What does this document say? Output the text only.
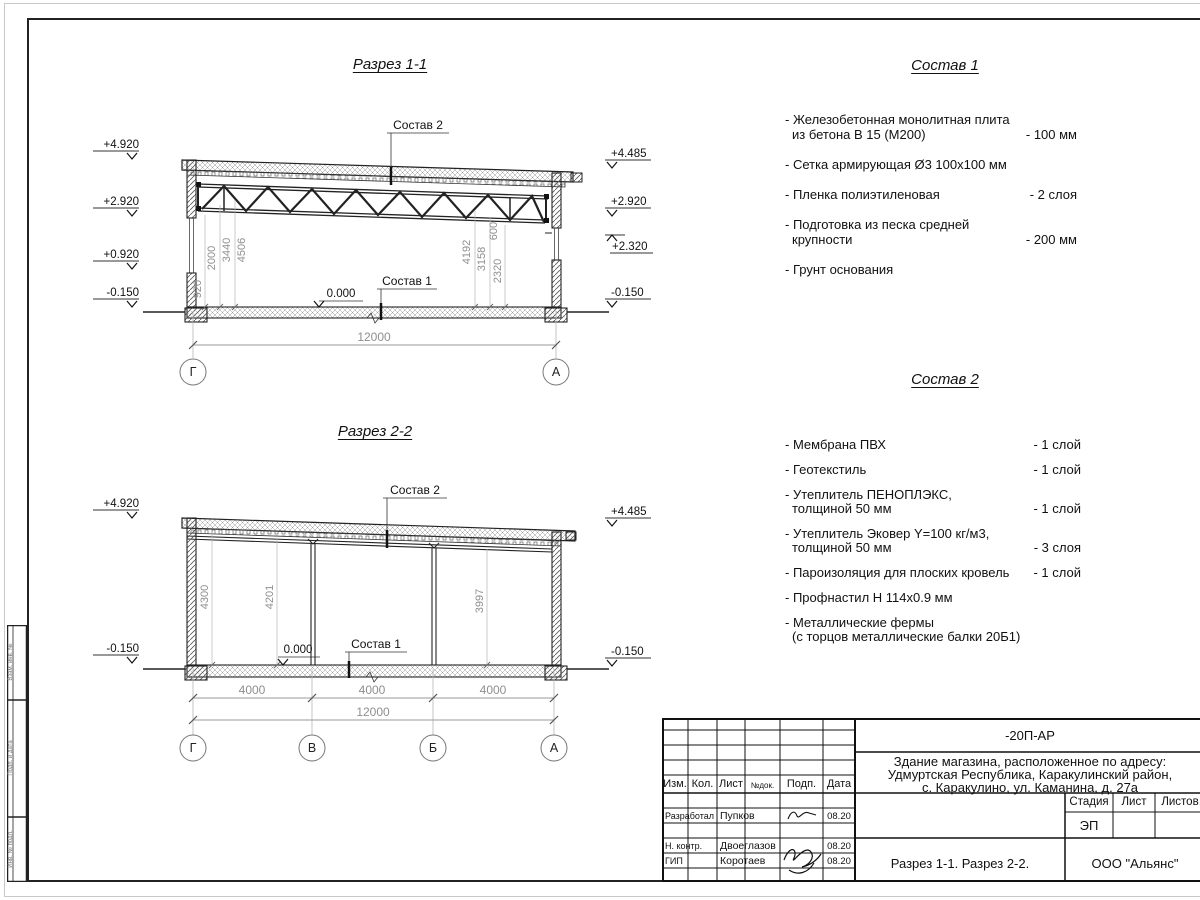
Взам. инв. №
Подп. и дата
Инв. № подл.
Разрез 1-1
Разрез 2-2
920
2000 3440 4506
600
4192 3158 2320
12000
Г	А
Состав 2
Состав 1
0.000
+4.920
+2.920
+0.920
-0.150
+4.485
+2.920
+2.320
-0.150
4300	4201	3997
4000	4000	4000
12000
Г	В	Б	А
Состав 2
Состав 1
0.000
+4.920
-0.150
+4.485
-0.150
Состав 1
- Железобетонная монолитная плита
из бетона В 15 (М200)	- 100 мм
- Сетка армирующая Ø3 100x100 мм
- Пленка полиэтиленовая	- 2 слоя
- Подготовка из песка средней
крупности	- 200 мм
- Грунт основания
Состав 2
- Мембрана ПВХ	- 1 слой
- Геотекстиль	- 1 слой
- Утеплитель ПЕНОПЛЭКС,
толщиной 50 мм	- 1 слой
- Утеплитель Эковер Y=100 кг/м3,
толщиной 50 мм	- 3 слоя
- Пароизоляция для плоских кровель	- 1 слой
- Профнастил Н 114x0.9 мм
- Металлические фермы
(с торцов металлические балки 20Б1)
Изм. Кол. Лист №док.	Подп. Дата
Разработал Пупков	08.20
Н. контр. Двоеглазов	08.20
ГИП	Коротаев	08.20
-20П-АР
Здание магазина, расположенное по адресу:
Удмуртская Республика, Каракулинский район,
с. Каракулино, ул. Каманина, д. 27а
Стадия	Лист	Листов
ЭП
Разрез 1-1. Разрез 2-2.	ООО "Альянс"
